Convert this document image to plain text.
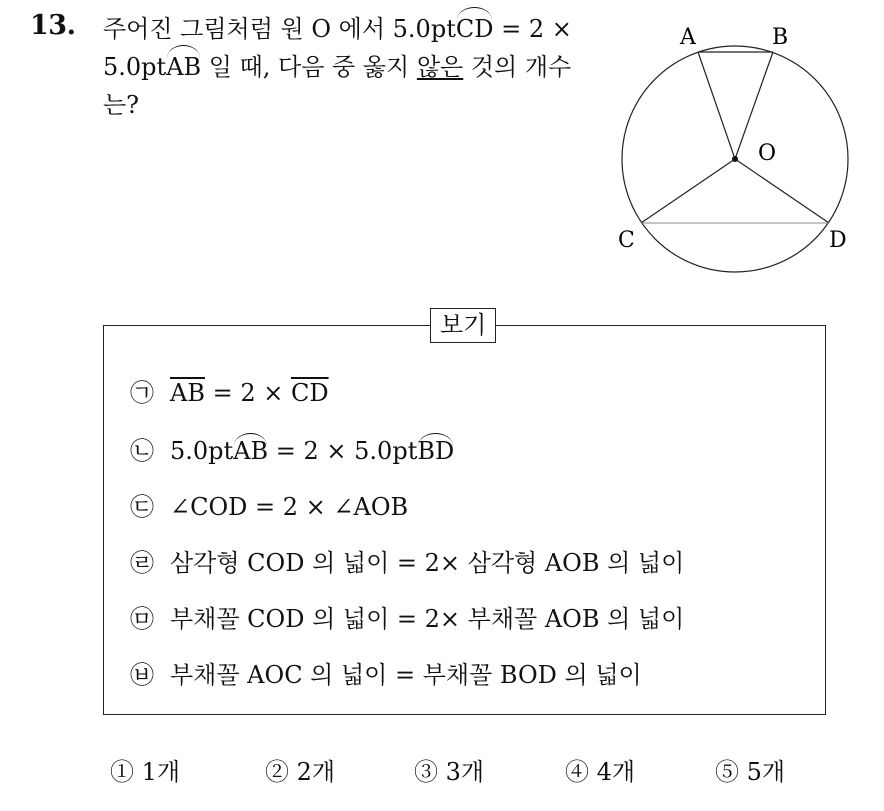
13. 주어진 그림처럼 원 O 에서 5.0ptCD = 2 ×
5.0ptAB 일 때, 다음 중 옳지 않은 것의 개수
는?
A	B
O
C	D
보기
㉠ $\overline{AB} = 2 \times \overline{CD}$
㉡ 5.0ptAB = 2 × 5.0ptBD
㉢ ∠COD = 2 × ∠AOB
㉣ 삼각형 COD 의 넓이 = 2× 삼각형 AOB 의 넓이
㉤ 부채꼴 COD 의 넓이 = 2× 부채꼴 AOB 의 넓이
㉥ 부채꼴 AOC 의 넓이 = 부채꼴 BOD 의 넓이
① 1개	② 2개	③ 3개	④ 4개	⑤ 5개
